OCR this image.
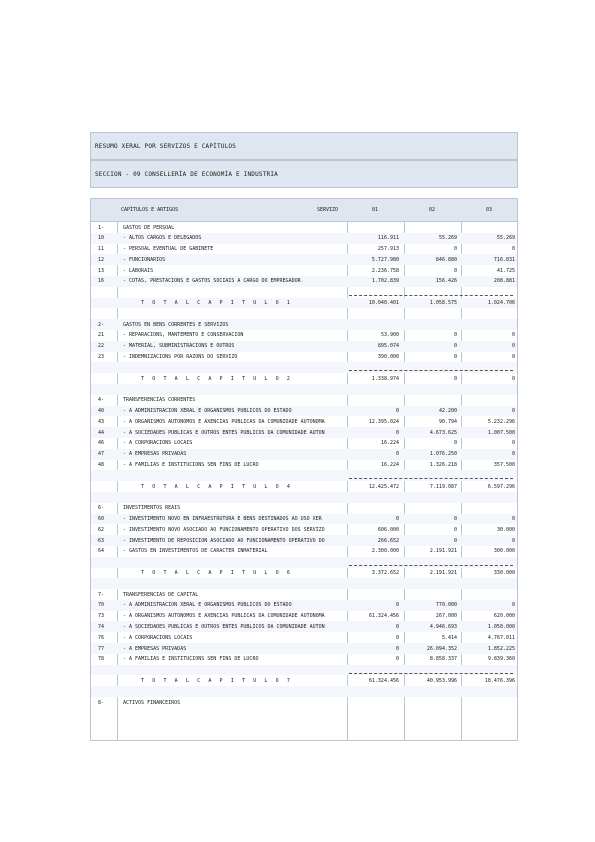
RESUMO XERAL POR SERVIZOS E CAPÍTULOS
SECCION - 09 CONSELLERÍA DE ECONOMÍA E INDUSTRIA
CAPÍTULOS E ARTIGOS	SERVIZO	01	02	03
1-	GASTOS DE PERSOAL
10	- ALTOS CARGOS E DELEGADOS	116.911	55.269	55.269
11	- PERSOAL EVENTUAL DE GABINETE	257.913	0	0
12	- FUNCIONARIOS	5.727.980	846.880	716.831
13	- LABORAIS	2.236.758	0	41.725
16	- COTAS, PRESTACIÓNS E GASTOS SOCIAIS A CARGO DO EMPREGADOR	1.702.839	156.426	208.881
T O T A L C A P Í T U L O 1	10.040.401	1.058.575	1.024.706
2-	GASTOS EN BENS CORRENTES E SERVIZOS
21	- REPARACIÓNS, MANTEMENTO E CONSERVACIÓN	53.900	0	0
22	- MATERIAL, SUBMINISTRACIÓNS E OUTROS	895.074	0	0
23	- INDEMNIZACIÓNS POR RAZÓNS DO SERVIZO	390.000	0	0
T O T A L C A P Í T U L O 2	1.338.974	0	0
4-	TRANSFERENCIAS CORRENTES
40	- Á ADMINISTRACIÓN XERAL E ORGANISMOS PÚBLICOS DO ESTADO	0	42.200	0
43	- A ORGANISMOS AUTÓNOMOS E AXENCIAS PÚBLICAS DA COMUNIDADE AUTÓNOMA	12.395.024	90.794	5.232.296
44	- A SOCIEDADES PÚBLICAS E OUTROS ENTES PÚBLICOS DA COMUNIDADE AUTÓN	0	4.673.625	1.007.500
46	- A CORPORACIÓNS LOCAIS	16.224	0	0
47	- A EMPRESAS PRIVADAS	0	1.076.250	0
48	- A FAMILIAS E INSTITUCIÓNS SEN FINS DE LUCRO	16.224	1.326.218	357.500
T O T A L C A P Í T U L O 4	12.425.472	7.119.087	6.597.296
6-	INVESTIMENTOS REAIS
60	- INVESTIMENTO NOVO EN INFRAESTRUTURA E BENS DESTINADOS AO USO XER	0	0	0
62	- INVESTIMENTO NOVO ASOCIADO AO FUNCIONAMENTO OPERATIVO DOS SERVIZO	606.000	0	30.000
63	- INVESTIMENTO DE REPOSICIÓN ASOCIADO AO FUNCIONAMENTO OPERATIVO DO	266.652	0	0
64	- GASTOS EN INVESTIMENTOS DE CARÁCTER INMATERIAL	2.300.000	2.191.921	300.000
T O T A L C A P Í T U L O 6	3.372.652	2.191.921	330.000
7-	TRANSFERENCIAS DE CAPITAL
70	- Á ADMINISTRACIÓN XERAL E ORGANISMOS PÚBLICOS DO ESTADO	0	770.000	0
73	- A ORGANISMOS AUTÓNOMOS E AXENCIAS PÚBLICAS DA COMUNIDADE AUTÓNOMA	61.324.456	267.000	620.000
74	- A SOCIEDADES PÚBLICAS E OUTROS ENTES PÚBLICOS DA COMUNIDADE AUTÓN	0	4.946.693	1.050.000
76	- A CORPORACIÓNS LOCAIS	0	5.414	4.767.011
77	- A EMPRESAS PRIVADAS	0	26.094.352	1.852.225
78	- A FAMILIAS E INSTITUCIÓNS SEN FINS DE LUCRO	0	8.858.337	9.839.360
T O T A L C A P Í T U L O 7	61.324.456	40.953.996	18.476.396
8-	ACTIVOS FINANCEIROS
